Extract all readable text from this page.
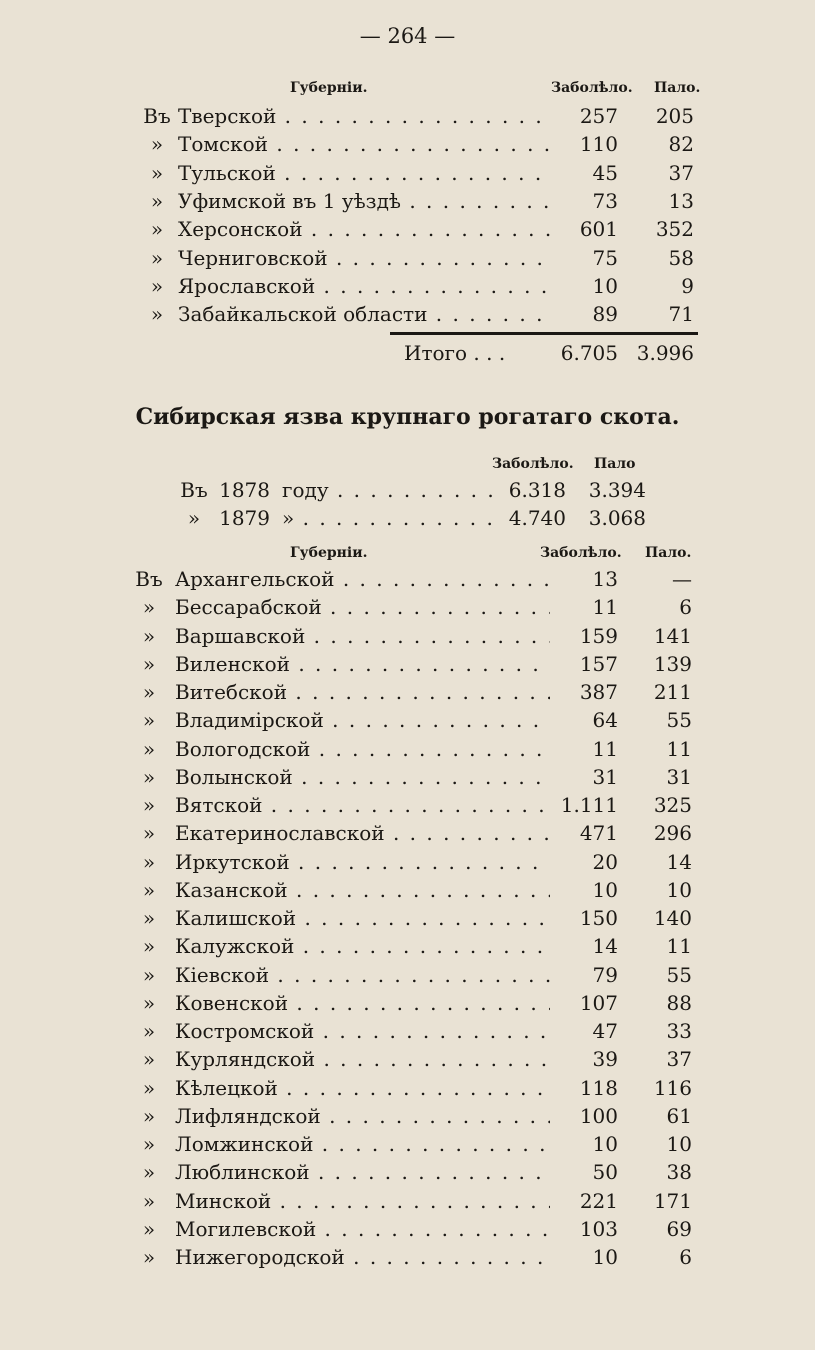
— 264 —
Губерніи.	Заболѣло. Пало.
Въ Тверской . . .	257	205
» Томской . . .	110	82
» Тульской . . .	45	37
» Уфимской въ 1 уѣздѣ . . .	73	13
» Херсонской . . .	601	352
» Черниговской . . .	75	58
» Ярославской . . .	10	9
» Забайкальской области . . .	89	71
Итого . . .	6.705 3.996
Сибирская язва крупнаго рогатаго скота.
Заболѣло. Пало
Въ 1878 году . . .	6.318	3.394
» 1879 » . . .	4.740	3.068
Губерніи.	Заболѣло. Пало.
Въ Архангельской . . .	13	—
» Бессарабской . . .	11	6
» Варшавской . . .	159	141
» Виленской . . .	157	139
» Витебской . . .	387	211
» Владимірской . . .	64	55
» Вологодской . . .	11	11
» Волынской . . .	31	31
» Вятской . . .	1.111	325
» Екатеринославской . . .	471	296
» Иркутской . . .	20	14
» Казанской . . .	10	10
» Калишской . . .	150	140
» Калужской . . .	14	11
» Кіевской . . .	79	55
» Ковенской . . .	107	88
» Костромской . . .	47	33
» Курляндской . . .	39	37
» Кѣлецкой . . .	118	116
» Лифляндской . . .	100	61
» Ломжинской . . .	10	10
» Люблинской . . .	50	38
» Минской . . .	221	171
» Могилевской . . .	103	69
» Нижегородской . . .	10	6
